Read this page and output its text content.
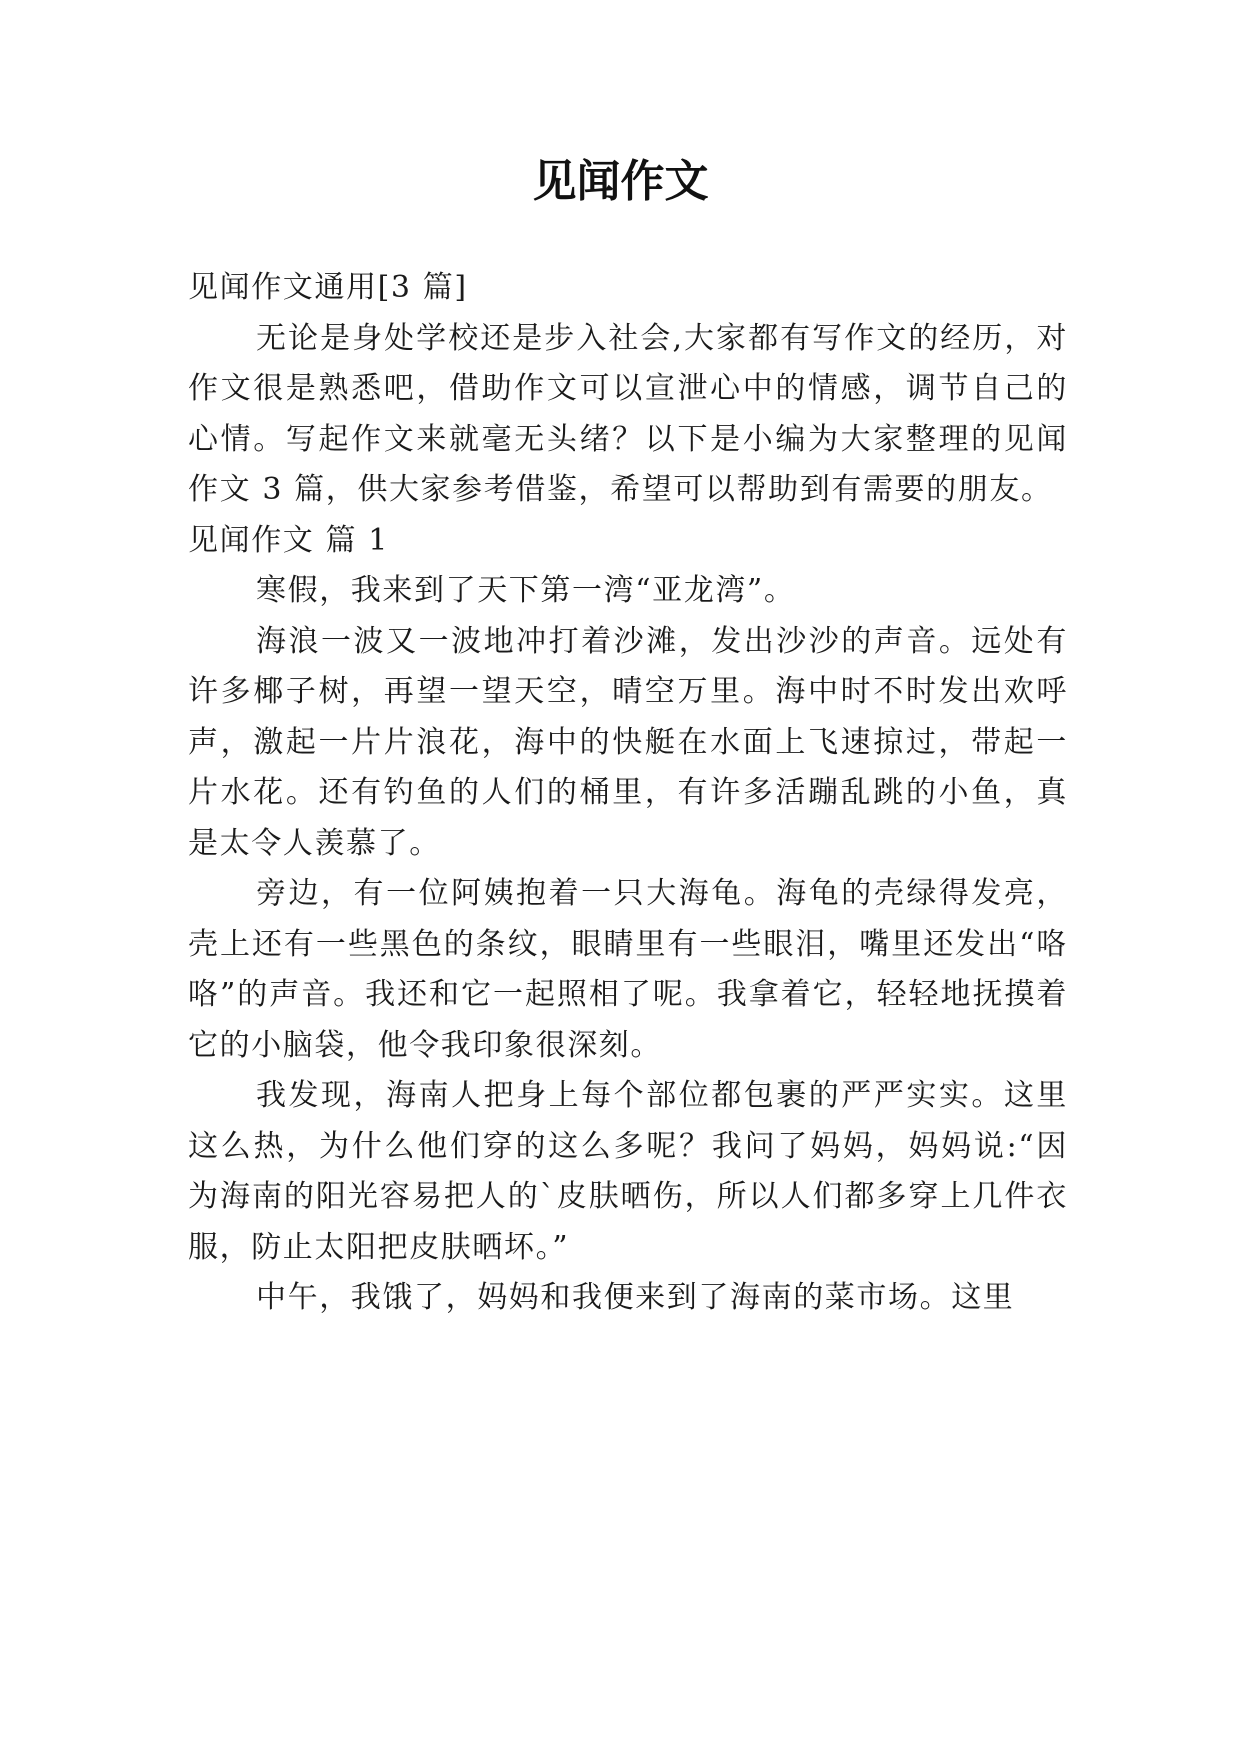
见闻作文

见闻作文通用[3 篇]

无论是身处学校还是步入社会,大家都有写作文的经历，对作文很是熟悉吧，借助作文可以宣泄心中的情感，调节自己的心情。写起作文来就毫无头绪？以下是小编为大家整理的见闻作文 3 篇，供大家参考借鉴，希望可以帮助到有需要的朋友。

见闻作文 篇 1

寒假，我来到了天下第一湾“亚龙湾”。

海浪一波又一波地冲打着沙滩，发出沙沙的声音。远处有许多椰子树，再望一望天空，晴空万里。海中时不时发出欢呼声，激起一片片浪花，海中的快艇在水面上飞速掠过，带起一片水花。还有钓鱼的人们的桶里，有许多活蹦乱跳的小鱼，真是太令人羡慕了。

旁边，有一位阿姨抱着一只大海龟。海龟的壳绿得发亮，壳上还有一些黑色的条纹，眼睛里有一些眼泪，嘴里还发出“咯咯”的声音。我还和它一起照相了呢。我拿着它，轻轻地抚摸着它的小脑袋，他令我印象很深刻。

我发现，海南人把身上每个部位都包裹的严严实实。这里这么热，为什么他们穿的这么多呢？我问了妈妈，妈妈说:“因为海南的阳光容易把人的`皮肤晒伤，所以人们都多穿上几件衣服，防止太阳把皮肤晒坏。”

中午，我饿了，妈妈和我便来到了海南的菜市场。这里
